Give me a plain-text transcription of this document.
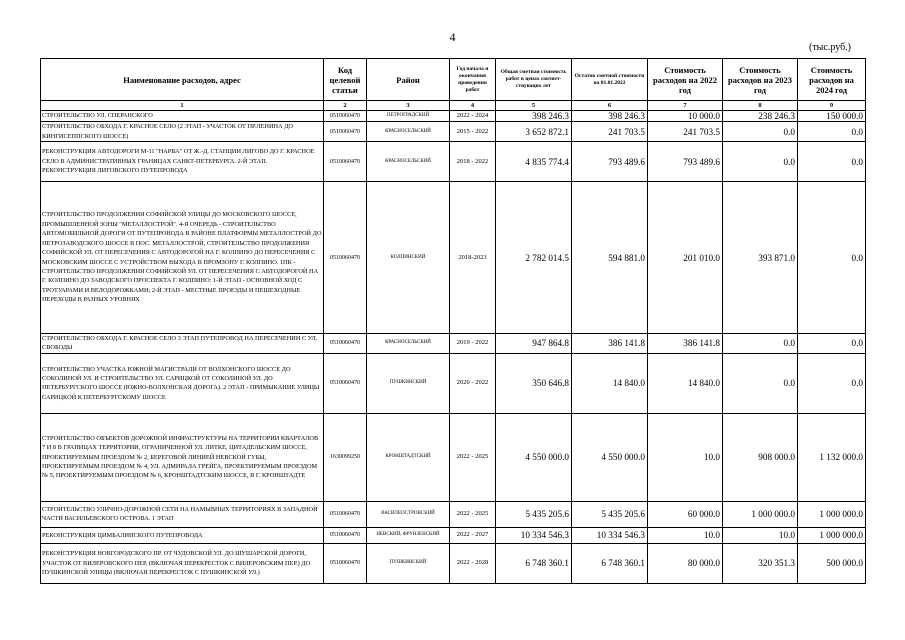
4
(тыс.руб.)
Наименование расходов, адрес	Код целевой статьи	Район	Год начала и окончания проведения работ	Общая сметная стоимость работ в ценах соответ-ствующих лет	Остаток сметной стоимости на 01.01.2022	Стоимость расходов на 2022 год	Стоимость расходов на 2023 год	Стоимость расходов на 2024 год
1	2	3	4	5	6	7	8	9
СТРОИТЕЛЬСТВО УЛ. СПЕРАНСКОГО	0510060470	ПЕТРОГРАДСКИЙ	2022 - 2024	398 246.3	398 246.3	10 000.0	238 246.3	150 000.0
СТРОИТЕЛЬСТВО ОБХОДА Г. КРАСНОЕ СЕЛО (2 ЭТАП - УЧАСТОК ОТ ПР.ЛЕНИНА ДО КИНГИСЕППСКОГО ШОССЕ)	0510060470	КРАСНОСЕЛЬСКИЙ	2015 - 2022	3 652 872.1	241 703.5	241 703.5	0.0	0.0
РЕКОНСТРУКЦИЯ АВТОДОРОГИ М-11 "НАРВА" ОТ Ж.-Д. СТАНЦИИ ЛИГОВО ДО Г. КРАСНОЕ СЕЛО В АДМИНИСТРАТИВНЫХ ГРАНИЦАХ САНКТ-ПЕТЕРБУРГА. 2-Й ЭТАП. РЕКОНСТРУКЦИЯ ЛИГОВСКОГО ПУТЕПРОВОДА	0510060470	КРАСНОСЕЛЬСКИЙ	2018 - 2022	4 835 774.4	793 489.6	793 489.6	0.0	0.0
СТРОИТЕЛЬСТВО ПРОДОЛЖЕНИЯ СОФИЙСКОЙ УЛИЦЫ ДО МОСКОВСКОГО ШОССЕ, ПРОМЫШЛЕННОЙ ЗОНЫ "МЕТАЛЛОСТРОЙ". 4-Я ОЧЕРЕДЬ - СТРОИТЕЛЬСТВО АВТОМОБИЛЬНОЙ ДОРОГИ ОТ ПУТЕПРОВОДА В РАЙОНЕ ПЛАТФОРМЫ МЕТАЛЛОСТРОЙ ДО ПЕТРОЗАВОДСКОГО ШОССЕ В ПОС. МЕТАЛЛОСТРОЙ, СТРОИТЕЛЬСТВО ПРОДОЛЖЕНИЯ СОФИЙСКОЙ УЛ. ОТ ПЕРЕСЕЧЕНИЯ С АВТОДОРОГОЙ НА Г. КОЛПИНО ДО ПЕРЕСЕЧЕНИЯ С МОСКОВСКИМ ШОССЕ С УСТРОЙСТВОМ ВЫХОДА В ПРОМЗОНУ Г. КОЛПИНО. 1ПК - СТРОИТЕЛЬСТВО ПРОДОЛЖЕНИЯ СОФИЙСКОЙ УЛ. ОТ ПЕРЕСЕЧЕНИЯ С АВТОДОРОГОЙ НА Г. КОЛПИНО ДО ЗАВОДСКОГО ПРОСПЕКТА Г. КОЛПИНО: 1-Й ЭТАП - ОСНОВНОЙ ХОД С ТРОТУАРАМИ И ВЕЛОДОРОЖКАМИ; 2-Й ЭТАП - МЕСТНЫЕ ПРОЕЗДЫ И ПЕШЕХОДНЫЕ ПЕРЕХОДЫ В РАЗНЫХ УРОВНЯХ	0510060470	КОЛПИНСКИЙ	2018-2023	2 782 014.5	594 881.0	201 010.0	393 871.0	0.0
СТРОИТЕЛЬСТВО ОБХОДА Г. КРАСНОЕ СЕЛО 3 ЭТАП ПУТЕПРОВОД НА ПЕРЕСЕЧЕНИИ С УЛ. СВОБОДЫ	0510060470	КРАСНОСЕЛЬСКИЙ	2019 - 2022	947 864.8	386 141.8	386 141.8	0.0	0.0
СТРОИТЕЛЬСТВО УЧАСТКА ЮЖНОЙ МАГИСТРАЛИ ОТ ВОЛХОНСКОГО ШОССЕ ДО СОКОЛИНОЙ УЛ. И СТРОИТЕЛЬСТВО УЛ. САРИЦКОЙ ОТ СОКОЛИНОЙ УЛ. ДО ПЕТЕРБУРГСКОГО ШОССЕ (ЮЖНО-ВОЛХОНСКАЯ ДОРОГА). 2 ЭТАП - ПРИМЫКАНИЕ УЛИЦЫ САРИЦКОЙ К ПЕТЕРБУРГСКОМУ ШОССЕ	0510060470	ПУШКИНСКИЙ	2020 - 2022	350 646.8	14 840.0	14 840.0	0.0	0.0
СТРОИТЕЛЬСТВО ОБЪЕКТОВ ДОРОЖНОЙ ИНФРАСТРУКТУРЫ НА ТЕРРИТОРИИ КВАРТАЛОВ 7 И 8 В ГРАНИЦАХ ТЕРРИТОРИИ, ОГРАНИЧЕННОЙ УЛ. ЛИТКЕ, ЦИТАДЕЛЬСКИМ ШОССЕ, ПРОЕКТИРУЕМЫМ ПРОЕЗДОМ № 2, БЕРЕГОВОЙ ЛИНИЕЙ НЕВСКОЙ ГУБЫ, ПРОЕКТИРУЕМЫМ ПРОЕЗДОМ № 4, УЛ. АДМИРАЛА ГРЕЙГА, ПРОЕКТИРУЕМЫМ ПРОЕЗДОМ № 5, ПРОЕКТИРУЕМЫМ ПРОЕЗДОМ № 6, КРОНШТАДТСКИМ ШОССЕ, В Г. КРОНШТАДТЕ	1630099250	КРОНШТАДТСКИЙ	2022 - 2025	4 550 000.0	4 550 000.0	10.0	908 000.0	1 132 000.0
СТРОИТЕЛЬСТВО УЛИЧНО-ДОРОЖНОЙ СЕТИ НА НАМЫВНЫХ ТЕРРИТОРИЯХ В ЗАПАДНОЙ ЧАСТИ ВАСИЛЬЕВСКОГО ОСТРОВА. 1 ЭТАП	0510060470	ВАСИЛЕОСТРОВСКИЙ	2022 - 2025	5 435 205.6	5 435 205.6	60 000.0	1 000 000.0	1 000 000.0
РЕКОНСТРУКЦИЯ ЦИМБАЛИНСКОГО ПУТЕПРОВОДА	0510060470	НЕВСКИЙ, ФРУНЗЕНСКИЙ	2022 - 2027	10 334 546.3	10 334 546.3	10.0	10.0	1 000 000.0
РЕКОНСТРУКЦИЯ НОВГОРОДСКОГО ПР. ОТ ЧУДОВСКОЙ УЛ. ДО ШУШАРСКОЙ ДОРОГИ, УЧАСТОК ОТ ВИЛЕРОВСКОГО ПЕР. (ВКЛЮЧАЯ ПЕРЕКРЕСТОК С ВИЛЕРОВСКИМ ПЕР.) ДО ПУШКИНСКОЙ УЛИЦЫ (ВКЛЮЧАЯ ПЕРЕКРЕСТОК С ПУШКИНСКОЙ УЛ.)	0510060470	ПУШКИНСКИЙ	2022 - 2028	6 748 360.1	6 748 360.1	80 000.0	320 351.3	500 000.0
